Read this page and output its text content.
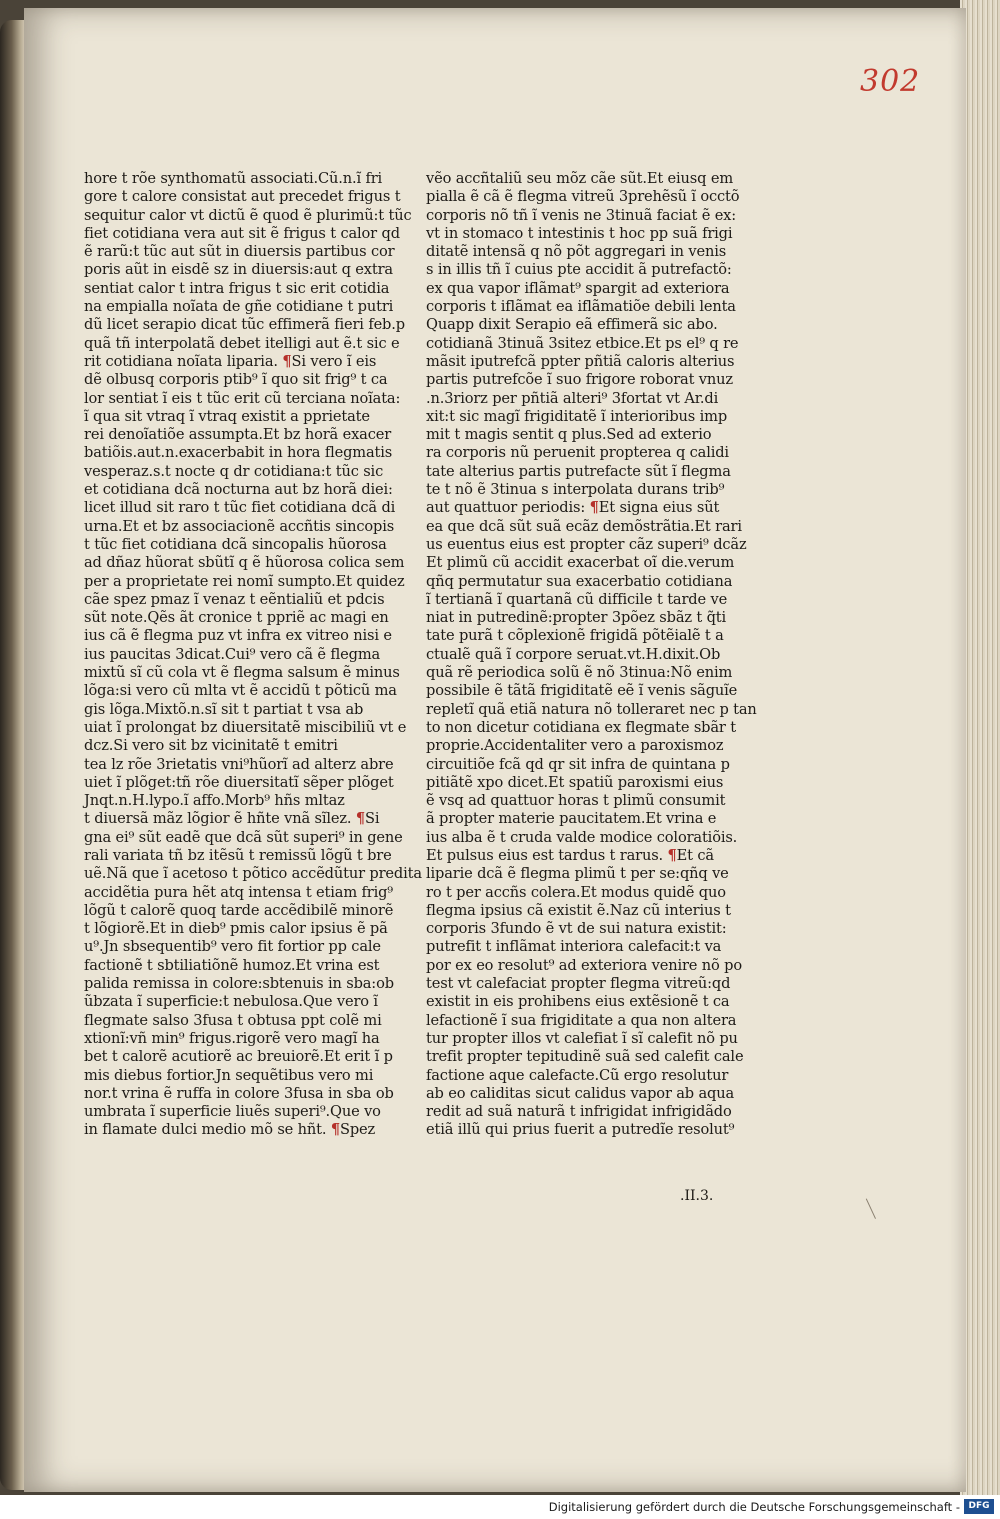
302
.II.3.
hore t rõe synthomatũ associati.Cũ.n.ĩ fri
gore t calore consistat aut precedet frigus t
sequitur calor vt dictũ ẽ quod ẽ plurimũ:t tũc
fiet cotidiana vera aut sit ẽ frigus t calor qd
ẽ rarũ:t tũc aut sũt in diuersis partibus cor
poris aũt in eisdẽ sz in diuersis:aut q extra
sentiat calor t intra frigus t sic erit cotidia
na empialla noĩata de gñe cotidiane t putri
dũ licet serapio dicat tũc effimerã fieri feb.p
quã tñ interpolatã debet itelligi aut ẽ.t sic e
rit cotidiana noĩata liparia. ¶Si vero ĩ eis
dẽ olbusq corporis ptib⁹ ĩ quo sit frig⁹ t ca
lor sentiat ĩ eis t tũc erit cũ terciana noĩata:
ĩ qua sit vtraq ĩ vtraq existit a pprietate
rei denoĩatiõe assumpta.Et bz horã exacer
batiõis.aut.n.exacerbabit in hora flegmatis
vesperaz.s.t nocte q dr cotidiana:t tũc sic
et cotidiana dcã nocturna aut bz horã diei:
licet illud sit raro t tũc fiet cotidiana dcã di
urna.Et et bz associacionẽ accñtis sincopis
t tũc fiet cotidiana dcã sincopalis hũorosa
ad dñaz hũorat sbũtĩ q ẽ hũorosa colica sem
per a proprietate rei nomĩ sumpto.Et quidez
cãe spez pmaz ĩ venaz t eẽntialiũ et pdcis
sũt note.Qẽs ãt cronice t ppriẽ ac magi en
ius cã ẽ flegma puz vt infra ex vitreo nisi e
ius paucitas 3dicat.Cui⁹ vero cã ẽ flegma
mixtũ sĩ cũ cola vt ẽ flegma salsum ẽ minus
lõga:si vero cũ mlta vt ẽ accidũ t põticũ ma
gis lõga.Mixtõ.n.sĩ sit t partiat t vsa ab
uiat ĩ prolongat bz diuersitatẽ miscibiliũ vt e
dcz.Si vero sit bz vicinitatẽ t emitri
tea lz rõe 3rietatis vni⁹hũorĩ ad alterz abre
uiet ĩ plõget:tñ rõe diuersitatĩ sẽper plõget
Jnqt.n.H.lypo.ĩ affo.Morb⁹ hñs mltaz
t diuersã mãz lõgior ẽ hñte vnã sĩlez. ¶Si
gna ei⁹ sũt eadẽ que dcã sũt superi⁹ in gene
rali variata tñ bz itẽsũ t remissũ lõgũ t bre
uẽ.Nã que ĩ acetoso t põtico accẽdũtur predita
accidẽtia pura hẽt atq intensa t etiam frig⁹
lõgũ t calorẽ quoq tarde accẽdibilẽ minorẽ
t lõgiorẽ.Et in dieb⁹ pmis calor ipsius ẽ pã
u⁹.Jn sbsequentib⁹ vero fit fortior pp cale
factionẽ t sbtiliatiõnẽ humoz.Et vrina est
palida remissa in colore:sbtenuis in sba:ob
ũbzata ĩ superficie:t nebulosa.Que vero ĩ
flegmate salso 3fusa t obtusa ppt colẽ mi
xtionĩ:vñ min⁹ frigus.rigorẽ vero magĩ ha
bet t calorẽ acutiorẽ ac breuiorẽ.Et erit ĩ p
mis diebus fortior.Jn sequẽtibus vero mi
nor.t vrina ẽ ruffa in colore 3fusa in sba ob
umbrata ĩ superficie liuẽs superi⁹.Que vo
in flamate dulci medio mõ se hñt. ¶Spez
vẽo accñtaliũ seu mõz cãe sũt.Et eiusq em
pialla ẽ cã ẽ flegma vitreũ 3prehẽsũ ĩ occtõ
corporis nõ tñ ĩ venis ne 3tinuã faciat ẽ ex:
vt in stomaco t intestinis t hoc pp suã frigi
ditatẽ intensã q nõ põt aggregari in venis
s in illis tñ ĩ cuius pte accidit ã putrefactõ:
ex qua vapor iflãmat⁹ spargit ad exteriora
corporis t iflãmat ea iflãmatiõe debili lenta
Quapp dixit Serapio eã effimerã sic abo.
cotidianã 3tinuã 3sitez etbice.Et ps el⁹ q re
mãsit iputrefcã ppter pñtiã caloris alterius
partis putrefcõe ĩ suo frigore roborat vnuz
.n.3riorz per pñtiã alteri⁹ 3fortat vt Ar.di
xit:t sic magĩ frigiditatẽ ĩ interioribus imp
mit t magis sentit q plus.Sed ad exterio
ra corporis nũ peruenit propterea q calidi
tate alterius partis putrefacte sũt ĩ flegma
te t nõ ẽ 3tinua s interpolata durans trib⁹
aut quattuor periodis: ¶Et signa eius sũt
ea que dcã sũt suã ecãz demõstrãtia.Et rari
us euentus eius est propter cãz superi⁹ dcãz
Et plimũ cũ accidit exacerbat oĩ die.verum
qñq permutatur sua exacerbatio cotidiana
ĩ tertianã ĩ quartanã cũ difficile t tarde ve
niat in putredinẽ:propter 3põez sbãz t q̃ti
tate purã t cõplexionẽ frigidã põtẽialẽ t a
ctualẽ quã ĩ corpore seruat.vt.H.dixit.Ob
quã rẽ periodica solũ ẽ nõ 3tinua:Nõ enim
possibile ẽ tãtã frigiditatẽ eẽ ĩ venis sãguĩe
repletĩ quã etiã natura nõ tolleraret nec p tan
to non dicetur cotidiana ex flegmate sbãr t
proprie.Accidentaliter vero a paroxismoz
circuitiõe fcã qd qr sit infra de quintana p
pitiãtẽ xpo dicet.Et spatiũ paroxismi eius
ẽ vsq ad quattuor horas t plimũ consumit
ã propter materie paucitatem.Et vrina e
ius alba ẽ t cruda valde modice coloratiõis.
Et pulsus eius est tardus t rarus. ¶Et cã
liparie dcã ẽ flegma plimũ t per se:qñq ve
ro t per accñs colera.Et modus quidẽ quo
flegma ipsius cã existit ẽ.Naz cũ interius t
corporis 3fundo ẽ vt de sui natura existit:
putrefit t inflãmat interiora calefacit:t va
por ex eo resolut⁹ ad exteriora venire nõ po
test vt calefaciat propter flegma vitreũ:qd
existit in eis prohibens eius extẽsionẽ t ca
lefactionẽ ĩ sua frigiditate a qua non altera
tur propter illos vt calefiat ĩ sĩ calefit nõ pu
trefit propter tepitudinẽ suã sed calefit cale
factione aque calefacte.Cũ ergo resolutur
ab eo caliditas sicut calidus vapor ab aqua
redit ad suã naturã t infrigidat infrigidãdo
etiã illũ qui prius fuerit a putredĩe resolut⁹
Digitalisierung gefördert durch die Deutsche Forschungsgemeinschaft - DFG
